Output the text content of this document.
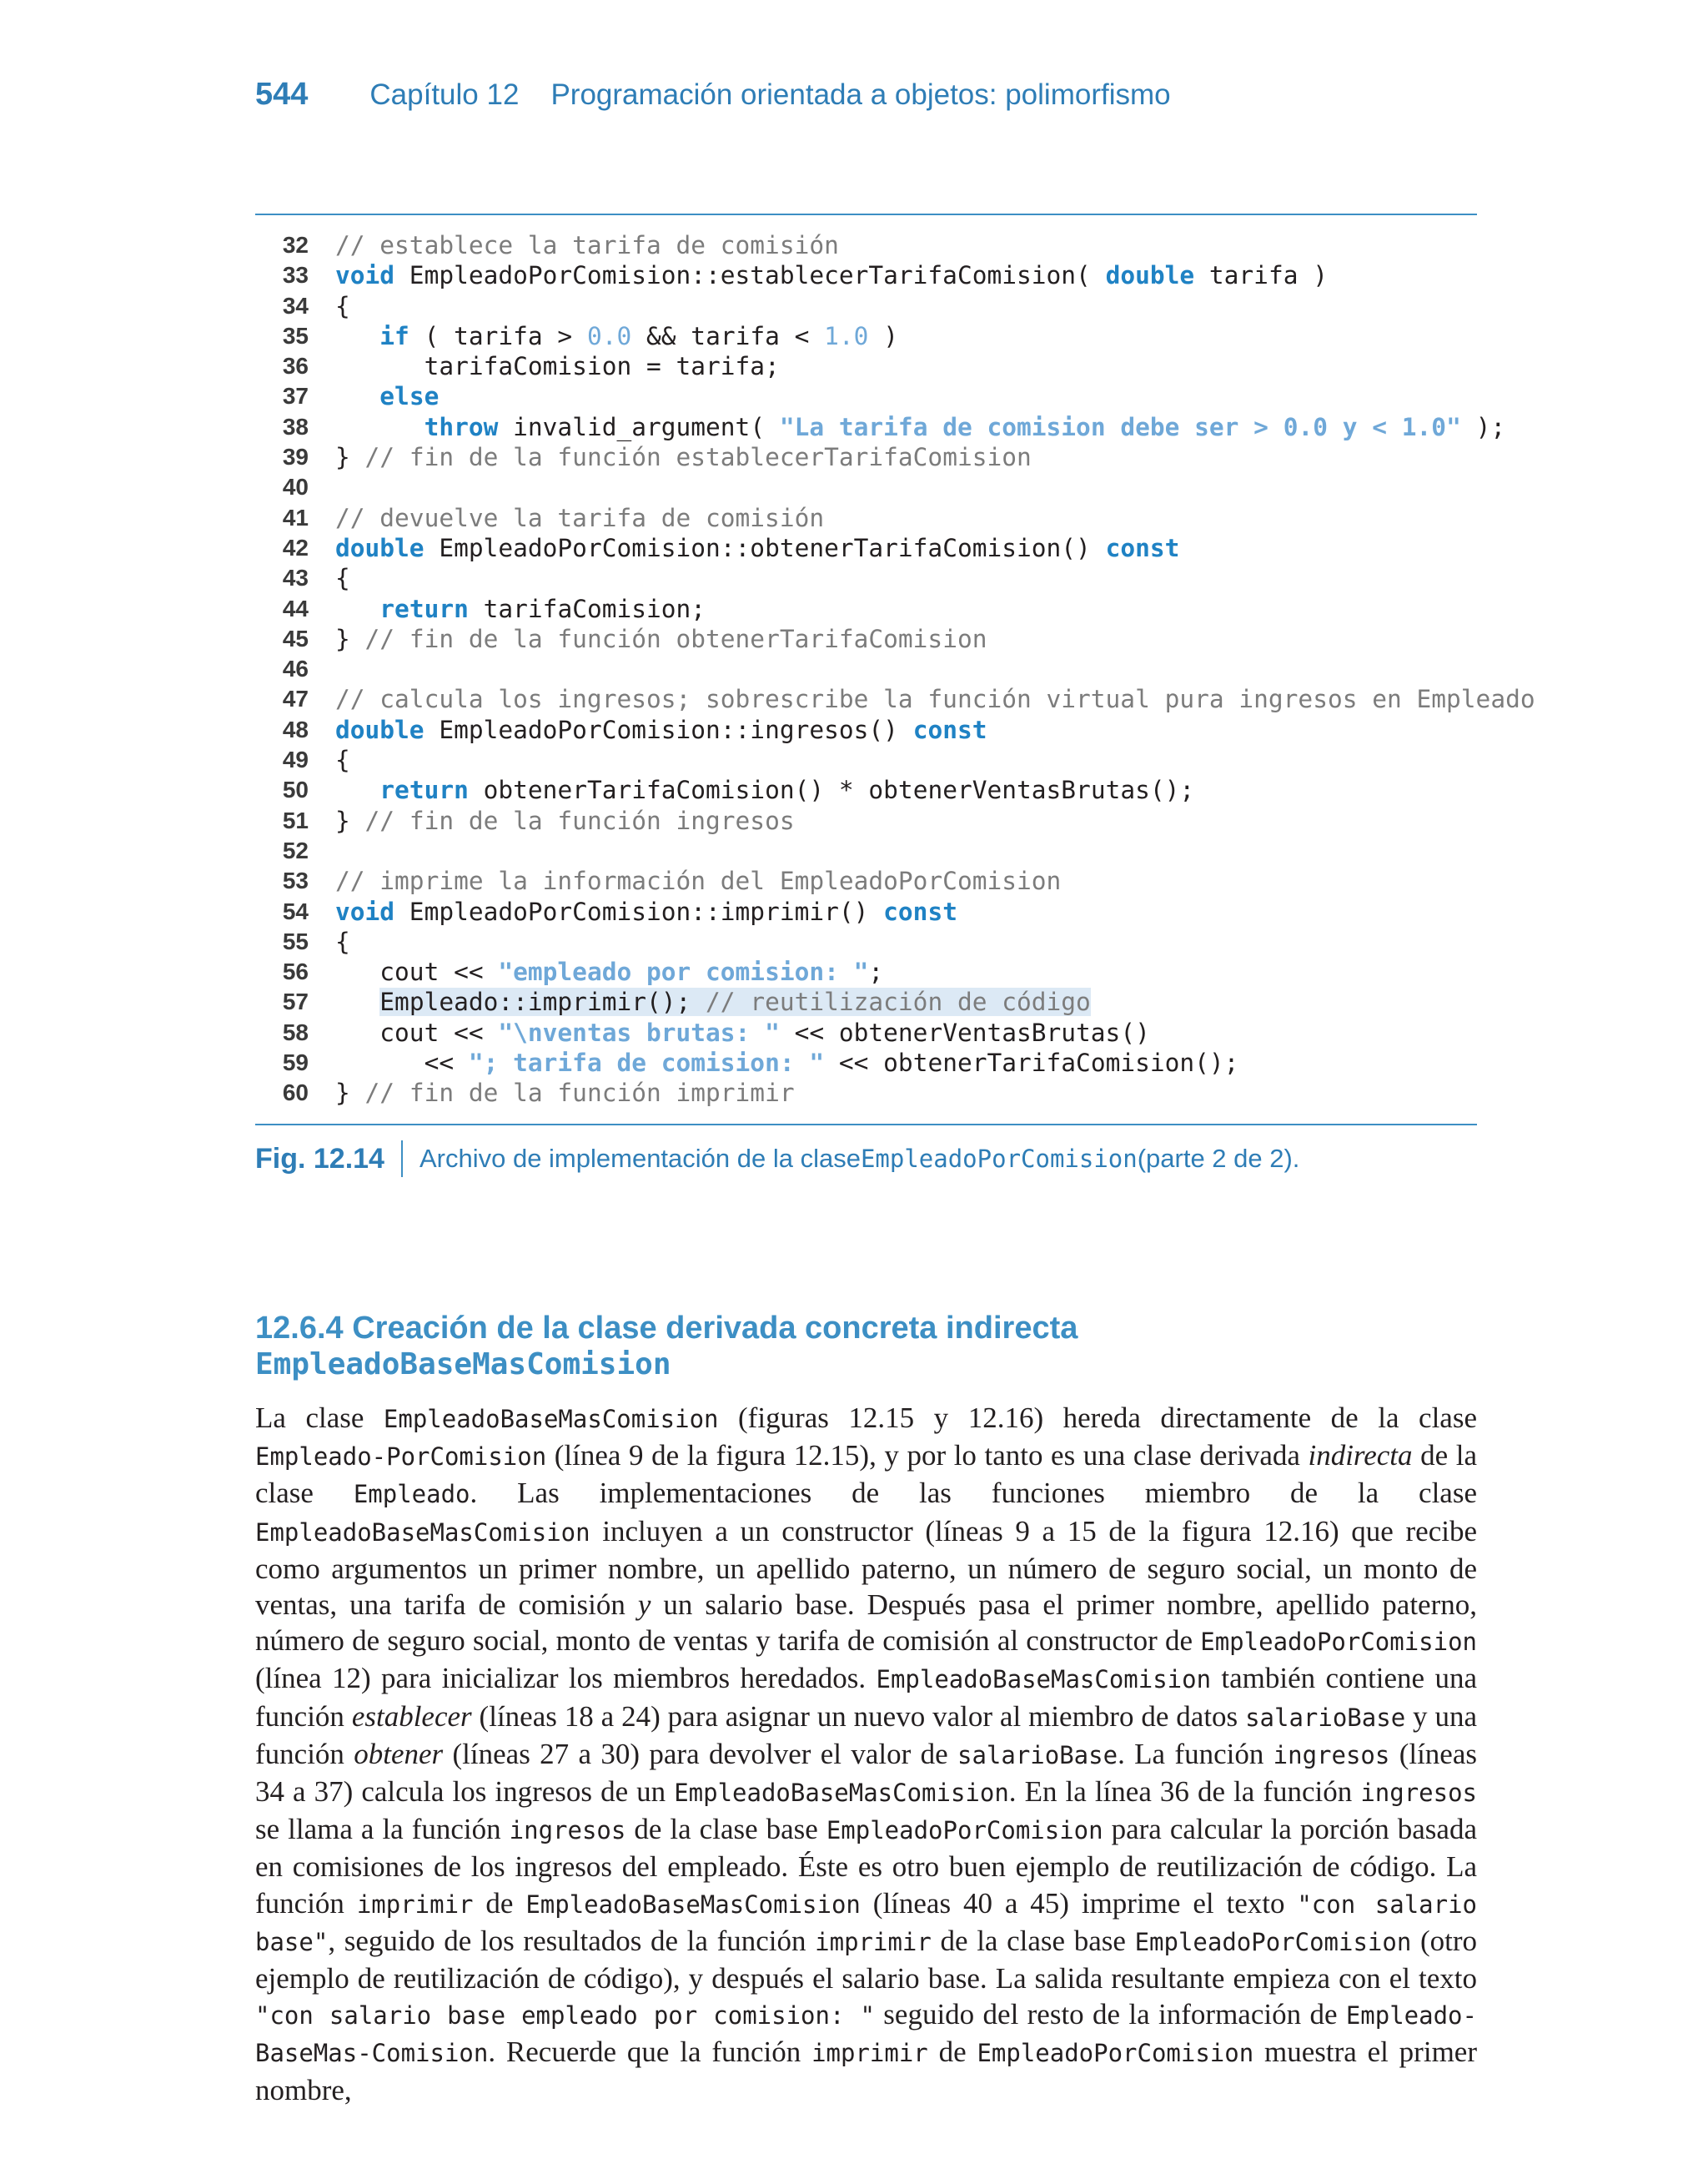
544 Capítulo 12 Programación orientada a objetos: polimorfismo
32 // establece la tarifa de comisión
33 void EmpleadoPorComision::establecerTarifaComision( double tarifa )
34 {
35	if ( tarifa > 0.0 && tarifa < 1.0 )
36 tarifaComision = tarifa;
37	else
38	throw invalid_argument( "La tarifa de comision debe ser > 0.0 y < 1.0" );
39 } // fin de la función establecerTarifaComision
40
41 // devuelve la tarifa de comisión
42 double EmpleadoPorComision::obtenerTarifaComision() const
43 {
44	return tarifaComision;
45 } // fin de la función obtenerTarifaComision
46
47 // calcula los ingresos; sobrescribe la función virtual pura ingresos en Empleado
48 double EmpleadoPorComision::ingresos() const
49 {
50	return obtenerTarifaComision() * obtenerVentasBrutas();
51 } // fin de la función ingresos
52
53 // imprime la información del EmpleadoPorComision
54 void EmpleadoPorComision::imprimir() const
55 {
56 cout << "empleado por comision: ";
57	Empleado::imprimir(); // reutilización de código
58 cout << "\nventas brutas: " << obtenerVentasBrutas()
59 << "; tarifa de comision: " << obtenerTarifaComision();
60 } // fin de la función imprimir
Fig. 12.14 Archivo de implementación de la clase EmpleadoPorComision (parte 2 de 2).
12.6.4 Creación de la clase derivada concreta indirecta
EmpleadoBaseMasComision
La clase EmpleadoBaseMasComision (figuras 12.15 y 12.16) hereda directamente de la clase Empleado-PorComision (línea 9 de la figura 12.15), y por lo tanto es una clase derivada indirecta de la clase Empleado. Las implementaciones de las funciones miembro de la clase EmpleadoBaseMasComision incluyen a un constructor (líneas 9 a 15 de la figura 12.16) que recibe como argumentos un primer nombre, un apellido paterno, un número de seguro social, un monto de ventas, una tarifa de comisión y un salario base. Después pasa el primer nombre, apellido paterno, número de seguro social, monto de ventas y tarifa de comisión al constructor de EmpleadoPorComision (línea 12) para inicializar los miembros heredados. EmpleadoBaseMasComision también contiene una función establecer (líneas 18 a 24) para asignar un nuevo valor al miembro de datos salarioBase y una función obtener (líneas 27 a 30) para devolver el valor de salarioBase. La función ingresos (líneas 34 a 37) calcula los ingresos de un EmpleadoBaseMasComision. En la línea 36 de la función ingresos se llama a la función ingresos de la clase base EmpleadoPorComision para calcular la porción basada en comisiones de los ingresos del empleado. Éste es otro buen ejemplo de reutilización de código. La función imprimir de EmpleadoBaseMasComision (líneas 40 a 45) imprime el texto "con salario base", seguido de los resultados de la función imprimir de la clase base EmpleadoPorComision (otro ejemplo de reutilización de código), y después el salario base. La salida resultante empieza con el texto "con salario base empleado por comision: " seguido del resto de la información de Empleado-BaseMas-Comision. Recuerde que la función imprimir de EmpleadoPorComision muestra el primer nombre,
